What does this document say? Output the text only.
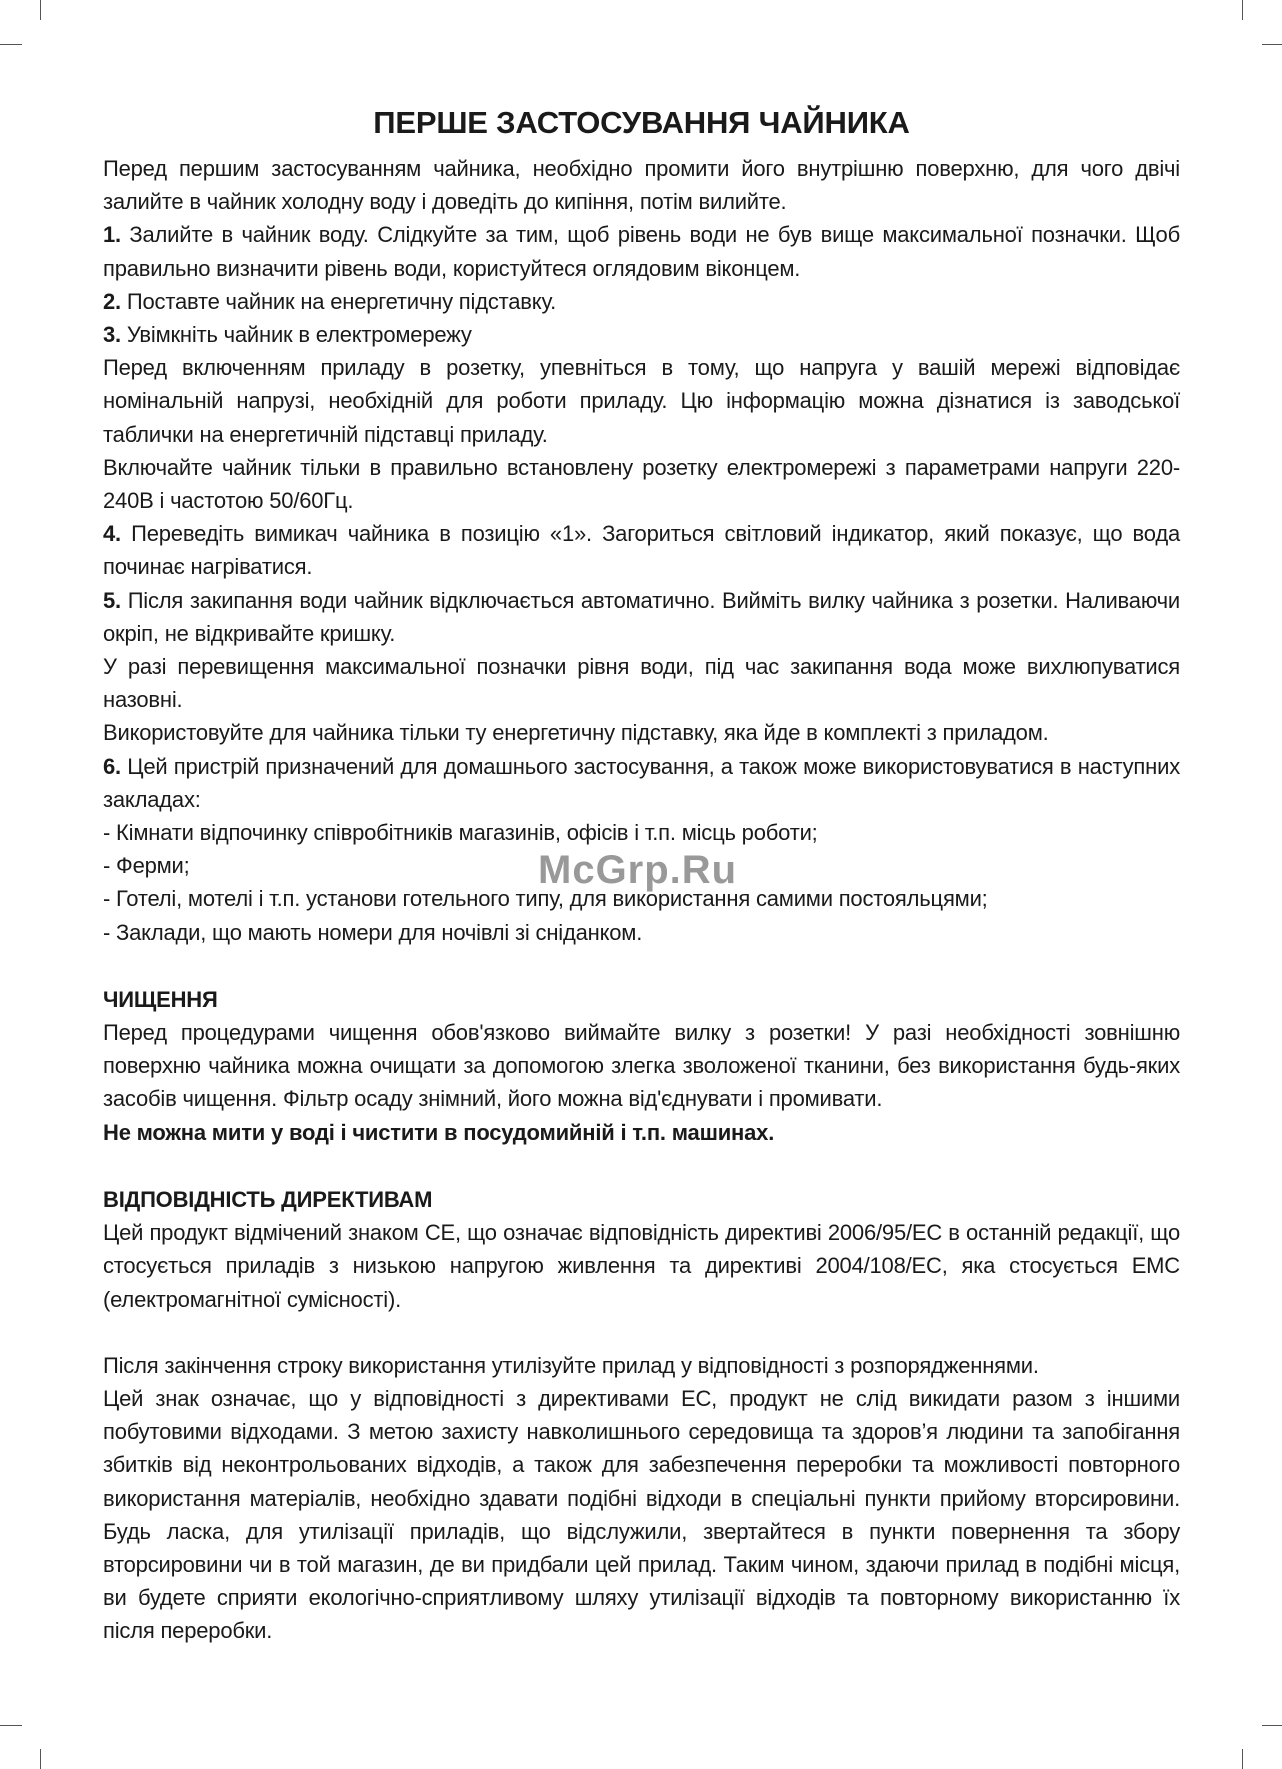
ПЕРШЕ ЗАСТОСУВАННЯ ЧАЙНИКА

Перед першим застосуванням чайника, необхідно промити його внутрішню поверхню, для чого двічі залийте в чайник холодну воду і доведіть до кипіння, потім вилийте.

1. Залийте в чайник воду. Слідкуйте за тим, щоб рівень води не був вище максимальної позначки. Щоб правильно визначити рівень води, користуйтеся оглядовим віконцем.

2. Поставте чайник на енергетичну підставку.

3. Увімкніть чайник в електромережу

Перед включенням приладу в розетку, упевніться в тому, що напруга у вашій мережі відповідає номінальній напрузі, необхідній для роботи приладу. Цю інформацію можна дізнатися із заводської таблички на енергетичній підставці приладу.

Включайте чайник тільки в правильно встановлену розетку електромережі з параметрами напруги 220-240В і частотою 50/60Гц.

4. Переведіть вимикач чайника в позицію «1». Загориться світловий індикатор, який показує, що вода починає нагріватися.

5. Після закипання води чайник відключається автоматично. Вийміть вилку чайника з розетки. Наливаючи окріп, не відкривайте кришку.

У разі перевищення максимальної позначки рівня води, під час закипання вода може вихлюпуватися назовні.

Використовуйте для чайника тільки ту енергетичну підставку, яка йде в комплекті з приладом.

6. Цей пристрій призначений для домашнього застосування, а також може використовуватися в наступних закладах:

- Кімнати відпочинку співробітників магазинів, офісів і т.п. місць роботи;

- Ферми;

- Готелі, мотелі і т.п. установи готельного типу, для використання самими постояльцями;

- Заклади, що мають номери для ночівлі зі сніданком.

ЧИЩЕННЯ

Перед процедурами чищення обов'язково виймайте вилку з розетки! У разі необхідності зовнішню поверхню чайника можна очищати за допомогою злегка зволоженої тканини, без використання будь-яких засобів чищення. Фільтр осаду знімний, його можна від'єднувати і промивати.

Не можна мити у воді і чистити в посудомийній і т.п. машинах.

ВІДПОВІДНІСТЬ ДИРЕКТИВАМ

Цей продукт відмічений знаком CE, що означає відповідність директиві 2006/95/ЕС в останній редакції, що стосується приладів з низькою напругою живлення та директиві 2004/108/ЕС, яка стосується EMC (електромагнітної сумісності).

Після закінчення строку використання утилізуйте прилад у відповідності з розпорядженнями.

Цей знак означає, що у відповідності з директивами ЕС, продукт не слід викидати разом з іншими побутовими відходами. З метою захисту навколишнього середовища та здоров’я людини та запобігання збитків від неконтрольованих відходів, а також для забезпечення переробки та можливості повторного використання матеріалів, необхідно здавати подібні відходи в спеціальні пункти прийому вторсировини. Будь ласка, для утилізації приладів, що відслужили, звертайтеся в пункти повернення та збору вторсировини чи в той магазин, де ви придбали цей прилад. Таким чином, здаючи прилад в подібні місця, ви будете сприяти екологічно-сприятливому шляху утилізації відходів та повторному використанню їх після переробки.

McGrp.Ru
